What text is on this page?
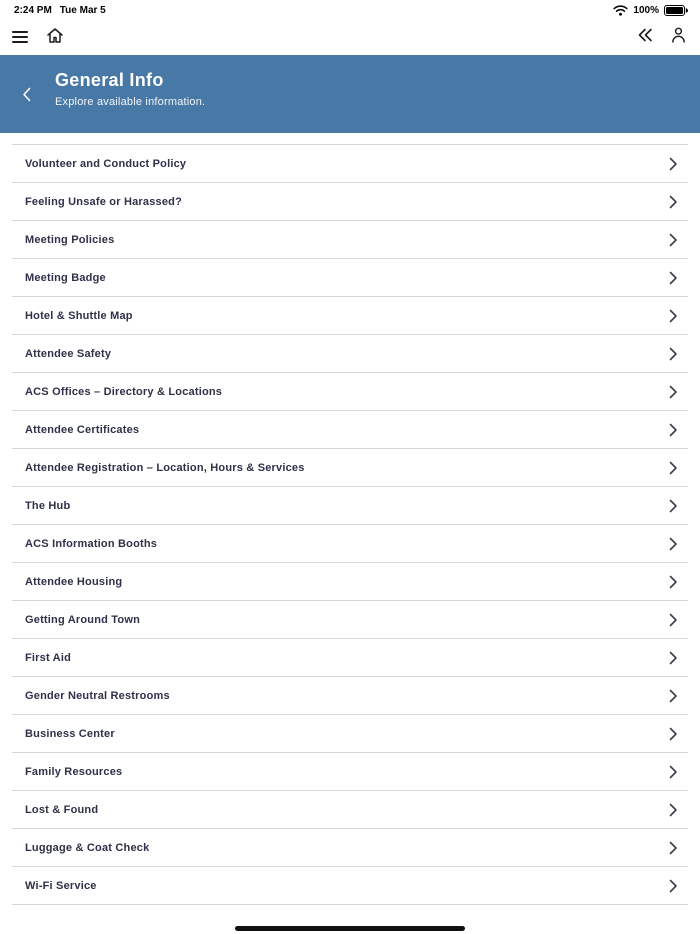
2:24 PM Tue Mar 5	100%
General Info
Explore available information.
Volunteer and Conduct Policy
Feeling Unsafe or Harassed?
Meeting Policies
Meeting Badge
Hotel & Shuttle Map
Attendee Safety
ACS Offices – Directory & Locations
Attendee Certificates
Attendee Registration – Location, Hours & Services
The Hub
ACS Information Booths
Attendee Housing
Getting Around Town
First Aid
Gender Neutral Restrooms
Business Center
Family Resources
Lost & Found
Luggage & Coat Check
Wi-Fi Service
